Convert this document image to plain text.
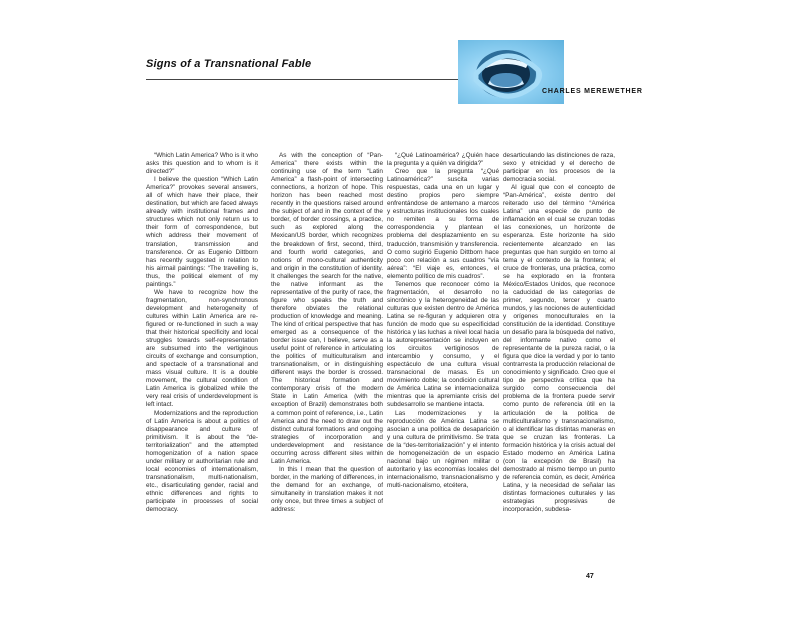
Signs of a Transnational Fable
CHARLES MEREWETHER

“Which Latin America? Who is it who asks this question and to whom is it directed?”

I believe the question “Which Latin America?” provokes several answers, all of which have their place, their destination, but which are faced always already with institutional frames and structures which not only return us to their form of correspondence, but which address their movement of translation, transmission and transference. Or as Eugenio Dittborn has recently suggested in relation to his airmail paintings: “The travelling is, thus, the political element of my paintings.”

We have to recognize how the fragmentation, non-synchronous development and heterogeneity of cultures within Latin America are re-figured or re-functioned in such a way that their historical specificity and local struggles towards self-representation are subsumed into the vertiginous circuits of exchange and consumption, and spectacle of a transnational and mass visual culture. It is a double movement, the cultural condition of Latin America is globalized while the very real crisis of underdevelopment is left intact.

Modernizations and the reproduction of Latin America is about a politics of disappearance and culture of primitivism. It is about the “de-territorialization” and the attempted homogenization of a nation space under military or authoritarian rule and local economies of internationalism, transnationalism, multi-nationalism, etc., disarticulating gender, racial and ethnic differences and rights to participate in processes of social democracy.

As with the conception of “Pan-America” there exists within the continuing use of the term “Latin America” a flash-point of intersecting connections, a horizon of hope. This horizon has been reached most recently in the questions raised around the subject of and in the context of the border, of border crossings, a practice, such as explored along the Mexican/US border, which recognizes the breakdown of first, second, third, and fourth world categories, and notions of mono-cultural authenticity and origin in the constitution of identity. It challenges the search for the native, the native informant as the representative of the purity of race, the figure who speaks the truth and therefore obviates the relational production of knowledge and meaning. The kind of critical perspective that has emerged as a consequence of the border issue can, I believe, serve as a useful point of reference in articulating the politics of multiculturalism and transnationalism, or in distinguishing different ways the border is crossed. The historical formation and contemporary crisis of the modern State in Latin America (with the exception of Brazil) demonstrates both a common point of reference, i.e., Latin America and the need to draw out the distinct cultural formations and ongoing strategies of incorporation and underdevelopment and resistance occurring across different sites within Latin America.

In this I mean that the question of border, in the marking of differences, in the demand for an exchange, of simultaneity in translation makes it not only once, but three times a subject of address:

“¿Qué Latinoamérica? ¿Quién hace la pregunta y a quién va dirigida?”

Creo que la pregunta “¿Qué Latinoamérica?” suscita varias respuestas, cada una en un lugar y destino propios pero siempre enfrentándose de antemano a marcos y estructuras institucionales los cuales no remiten a su forma de correspondencia y plantean el problema del desplazamiento en su traducción, transmisión y transferencia. O como sugirió Eugenio Dittborn hace poco con relación a sus cuadros “vía aérea”: “El viaje es, entonces, el elemento político de mis cuadros”.

Tenemos que reconocer cómo la fragmentación, el desarrollo no sincrónico y la heterogeneidad de las culturas que existen dentro de América Latina se re-figuran y adquieren otra función de modo que su especificidad histórica y las luchas a nivel local hacia la autorepresentación se incluyen en los circuitos vertiginosos de intercambio y consumo, y el espectáculo de una cultura visual transnacional de masas. Es un movimiento doble; la condición cultural de América Latina se internacionaliza mientras que la apremiante crisis del subdesarrollo se mantiene intacta.

Las modernizaciones y la reproducción de América Latina se asocian a una política de desaparición y una cultura de primitivismo. Se trata de la “des-territorialización” y el intento de homogeneización de un espacio nacional bajo un régimen militar o autoritario y las economías locales del internacionalismo, transnacionalismo y multi-nacionalismo, etcétera,

desarticulando las distinciones de raza, sexo y etnicidad y el derecho de participar en los procesos de la democracia social.

Al igual que con el concepto de “Pan-América”, existe dentro del reiterado uso del término “América Latina” una especie de punto de inflamación en el cual se cruzan todas las conexiones, un horizonte de esperanza. Este horizonte ha sido recientemente alcanzado en las preguntas que han surgido en torno al tema y el contexto de la frontera; el cruce de fronteras, una práctica, como se ha explorado en la frontera México/Estados Unidos, que reconoce la caducidad de las categorías de primer, segundo, tercer y cuarto mundos, y las nociones de autenticidad y orígenes monoculturales en la constitución de la identidad. Constituye un desafío para la búsqueda del nativo, del informante nativo como el representante de la pureza racial, o la figura que dice la verdad y por lo tanto contrarresta la producción relacional de conocimiento y significado. Creo que el tipo de perspectiva crítica que ha surgido como consecuencia del problema de la frontera puede servir como punto de referencia útil en la articulación de la política de multiculturalismo y transnacionalismo, o al identificar las distintas maneras en que se cruzan las fronteras. La formación histórica y la crisis actual del Estado moderno en América Latina (con la excepción de Brasil) ha demostrado al mismo tiempo un punto de referencia común, es decir, América Latina, y la necesidad de señalar las distintas formaciones culturales y las estrategias progresivas de incorporación, subdesa-

47
